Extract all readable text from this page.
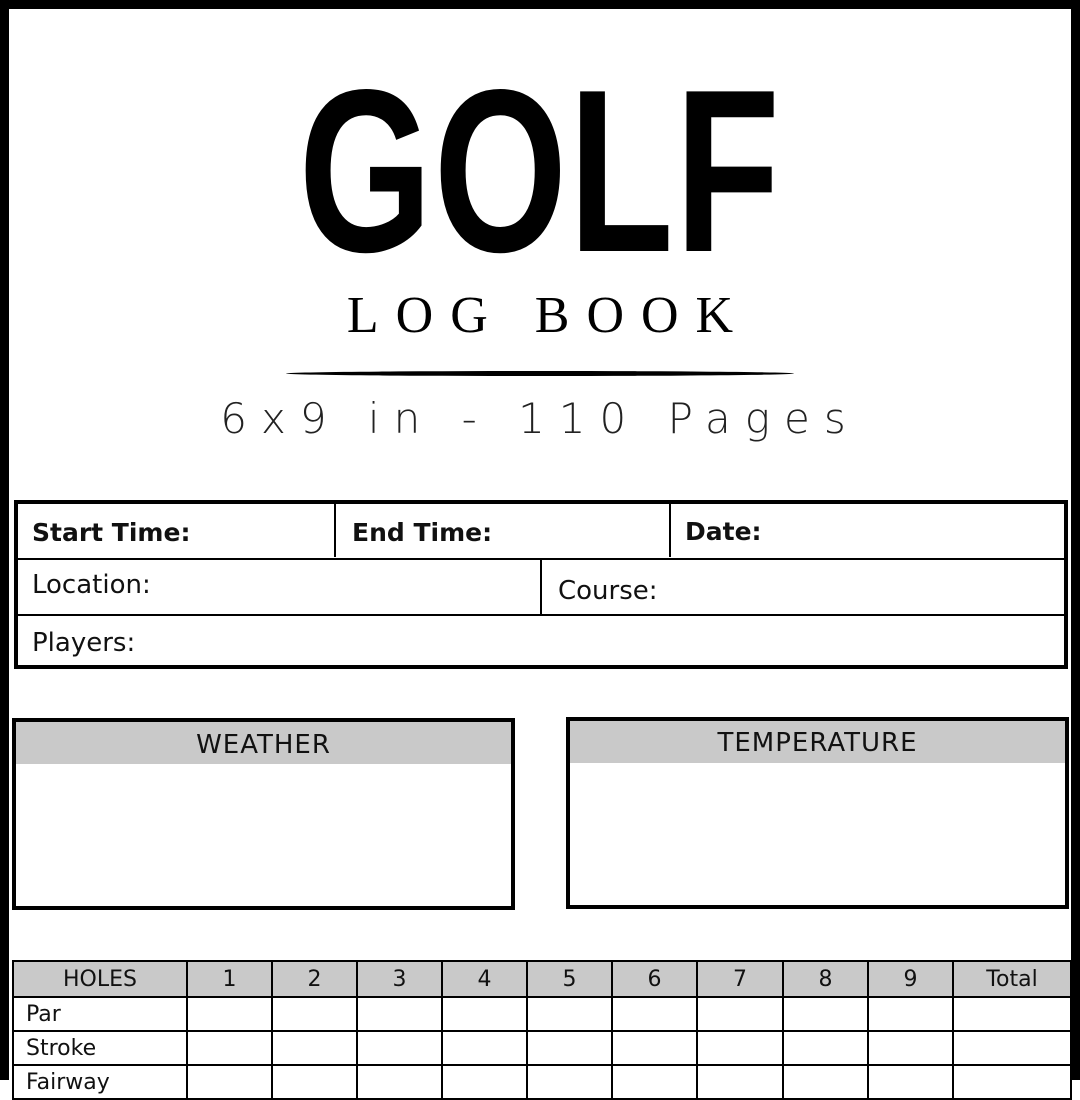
GOLF
LOG BOOK
6x9 in - 110 Pages
Start Time:	End Time:	Date:
Location:	Course:
Players:
WEATHER	TEMPERATURE
HOLES	1	2	3	4	5	6	7	8	9	Total
Par										
Stroke										
Fairway										
